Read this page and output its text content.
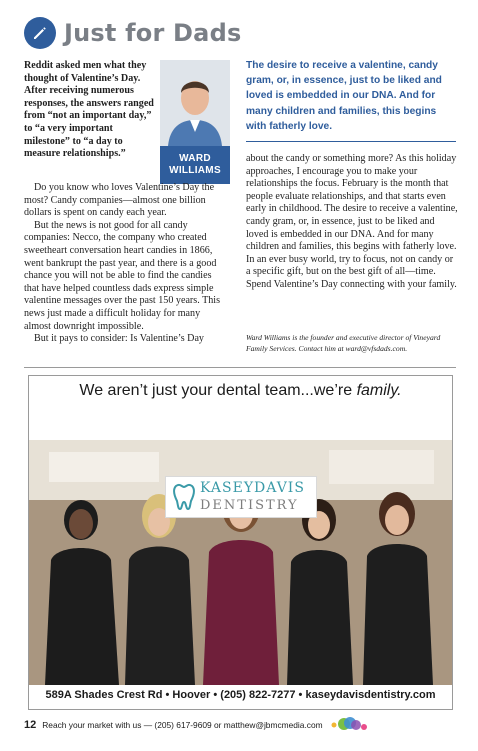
Just for Dads
Reddit asked men what they thought of Valentine’s Day. After receiving numerous responses, the answers ranged from “not an important day,” to “a very important milestone” to “a day to measure relationships.”	WARD
WILLIAMS

Do you know who loves Valentine’s Day the most? Candy companies—almost one billion dollars is spent on candy each year.

But the news is not good for all candy companies: Necco, the company who created sweetheart conversation heart candies in 1866, went bankrupt the past year, and there is a good chance you will not be able to find the candies that have helped countless dads express simple valentine messages over the past 150 years. This news just made a difficult holiday for many almost downright impossible.

But it pays to consider: Is Valentine’s Day

The desire to receive a valentine, candy gram, or, in essence, just to be liked and loved is embedded in our DNA. And for many children and families, this begins with fatherly love.
about the candy or something more? As this holiday approaches, I encourage you to make your relationships the focus. February is the month that people evaluate relationships, and that starts even early in childhood. The desire to receive a valentine, candy gram, or, in essence, just to be liked and loved is embedded in our DNA. And for many children and families, this begins with fatherly love. In an ever busy world, try to focus, not on candy or a specific gift, but on the best gift of all—time. Spend Valentine’s Day connecting with your family.
Ward Williams is the founder and executive director of Vineyard Family Services. Contact him at ward@vfsdads.com.
We aren’t just your dental team...we’re family.
KASEYDAVIS
DENTISTRY
589A Shades Crest Rd • Hoover • (205) 822-7277 • kaseydavisdentistry.com
12 Reach your market with us — (205) 617-9609 or matthew@jbmcmedia.com
